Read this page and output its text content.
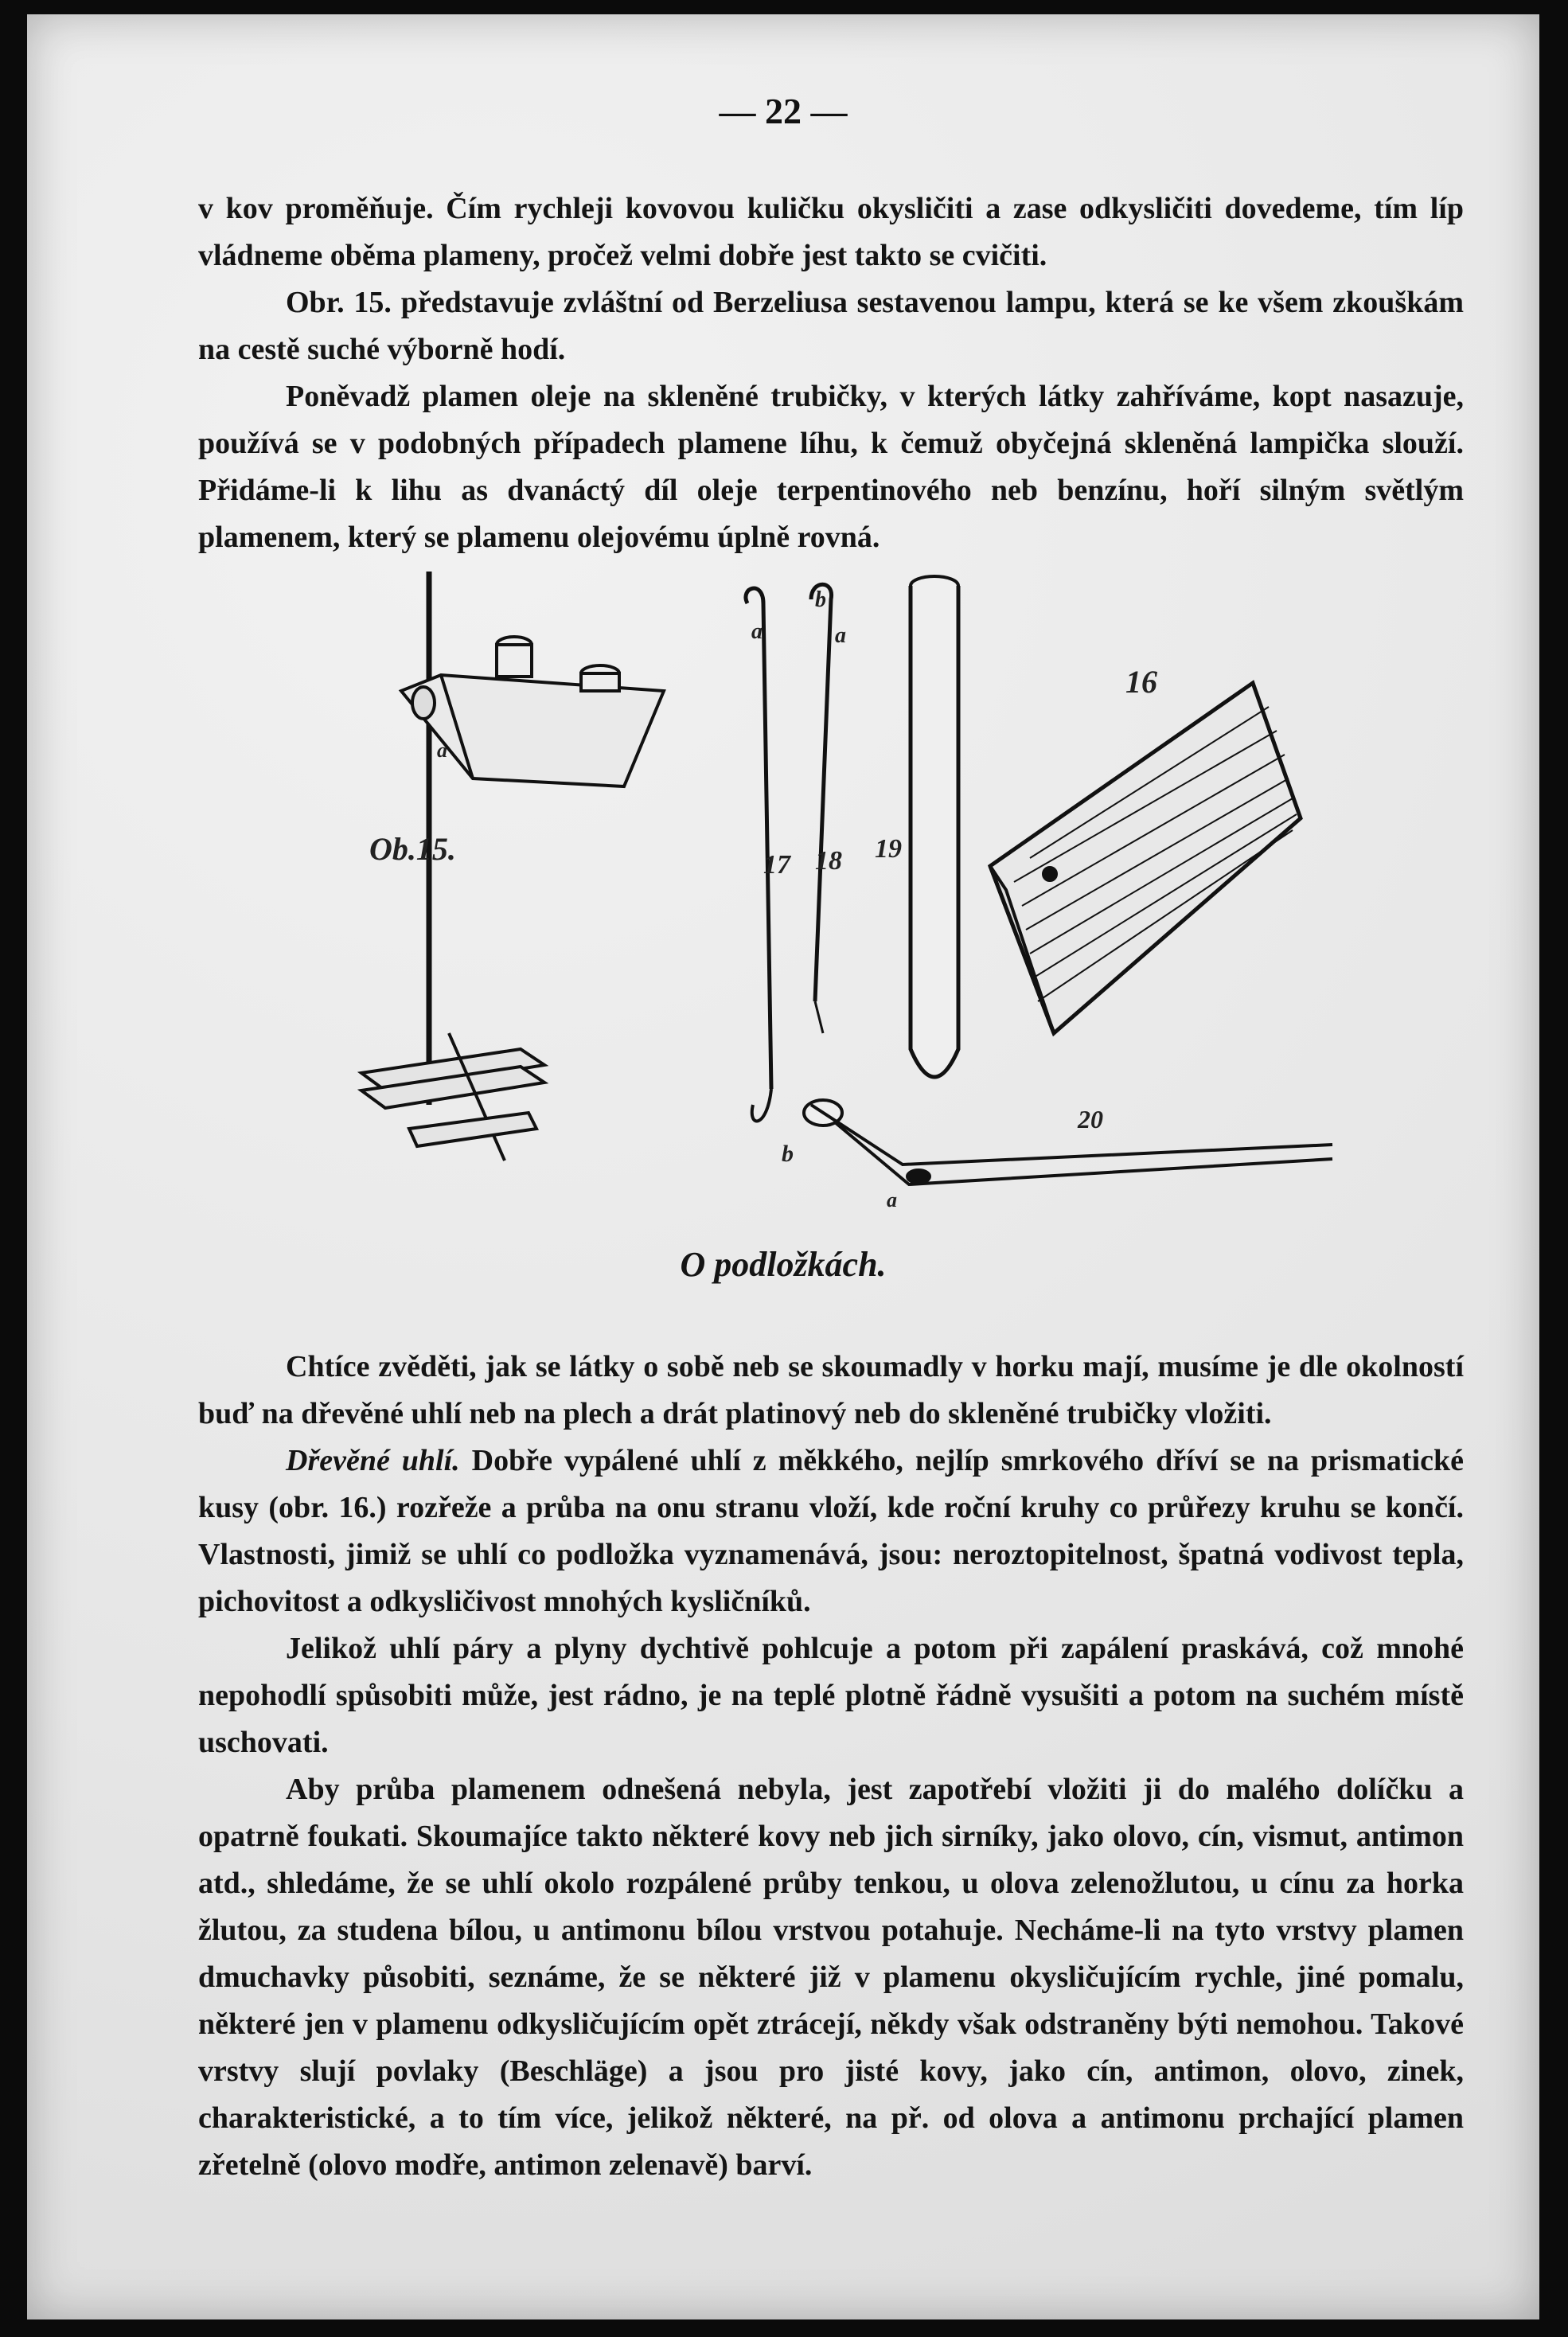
— 22 —

v kov proměňuje. Čím rychleji kovovou kuličku okysličiti a zase odkysličiti dovedeme, tím líp vládneme oběma plameny, pročež velmi dobře jest takto se cvičiti.

Obr. 15. představuje zvláštní od Berzeliusa sestavenou lampu, která se ke všem zkouškám na cestě suché výborně hodí.

Poněvadž plamen oleje na skleněné trubičky, v kterých látky zahříváme, kopt nasazuje, používá se v podobných případech plamene líhu, k čemuž obyčejná skleněná lampička slouží. Přidáme-li k lihu as dvanáctý díl oleje terpentinového neb benzínu, hoří silným světlým plamenem, který se plamenu olejovému úplně rovná.

Ob.15.
16
17 18 19
20
a
b
a
b
a
a
O podložkách.

Chtíce zvěděti, jak se látky o sobě neb se skoumadly v horku mají, musíme je dle okolností buď na dřevěné uhlí neb na plech a drát platinový neb do skleněné trubičky vložiti.

Dřevěné uhlí. Dobře vypálené uhlí z měkkého, nejlíp smrkového dříví se na prismatické kusy (obr. 16.) rozřeže a průba na onu stranu vloží, kde roční kruhy co průřezy kruhu se končí. Vlastnosti, jimiž se uhlí co podložka vyznamenává, jsou: neroztopitelnost, špatná vodivost tepla, pichovitost a odkysličivost mnohých kysličníků.

Jelikož uhlí páry a plyny dychtivě pohlcuje a potom při zapálení praskává, což mnohé nepohodlí spůsobiti může, jest rádno, je na teplé plotně řádně vysušiti a potom na suchém místě uschovati.

Aby průba plamenem odnešená nebyla, jest zapotřebí vložiti ji do malého dolíčku a opatrně foukati. Skoumajíce takto některé kovy neb jich sirníky, jako olovo, cín, vismut, antimon atd., shledáme, že se uhlí okolo rozpálené průby tenkou, u olova zelenožlutou, u cínu za horka žlutou, za studena bílou, u antimonu bílou vrstvou potahuje. Necháme-li na tyto vrstvy plamen dmuchavky působiti, seznáme, že se některé již v plamenu okysličujícím rychle, jiné pomalu, některé jen v plamenu odkysličujícím opět ztrácejí, někdy však odstraněny býti nemohou. Takové vrstvy slují povlaky (Beschläge) a jsou pro jisté kovy, jako cín, antimon, olovo, zinek, charakteristické, a to tím více, jelikož některé, na př. od olova a antimonu prchající plamen zřetelně (olovo modře, antimon zelenavě) barví.
